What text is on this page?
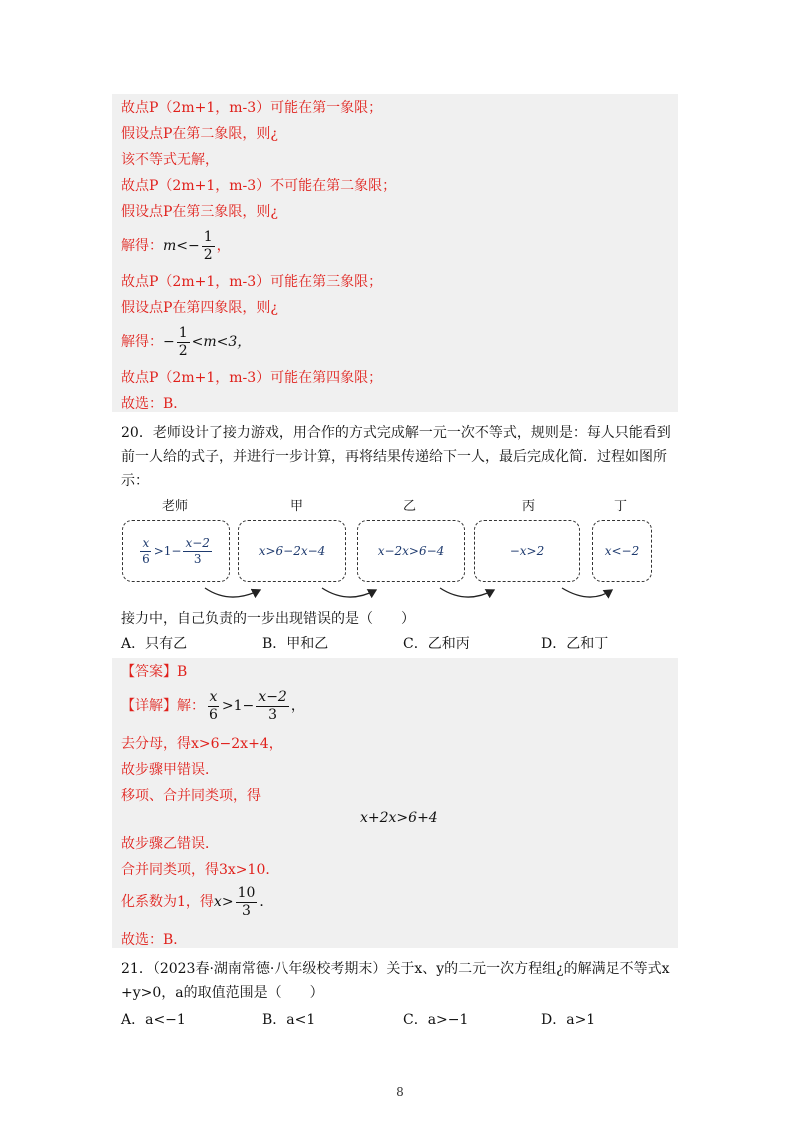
故点P（2m+1，m-3）可能在第一象限；
假设点P在第二象限，则¿
该不等式无解，
故点P（2m+1，m-3）不可能在第二象限；
假设点P在第三象限，则¿
解得：$m<- \frac{1}{2}$ ，
故点P（2m+1，m-3）可能在第三象限；
假设点P在第四象限，则¿
解得：− $\frac{1}{2} <m<3$，
故点P（2m+1，m-3）可能在第四象限；
故选：B．
20．老师设计了接力游戏，用合作的方式完成解一元一次不等式，规则是：每人只能看到
前一人给的式子，并进行一步计算，再将结果传递给下一人，最后完成化简．过程如图所
示：
老师	甲	乙	丙	丁
$\frac{x}{6} >1- \frac{x-2}{3}$	x>6−2x−4	x−2x>6−4	−x>2	x<−2
接力中，自己负责的一步出现错误的是（　　）
A．只有乙	B．甲和乙	C．乙和丙	D．乙和丁
【答案】B
【详解】解： $\frac{x}{6} >1- \frac{x-2}{3}$ ，
去分母，得x>6−2x+4，
故步骤甲错误．
移项、合并同类项，得
x+2x>6+4
故步骤乙错误．
合并同类项，得3x>10．
化系数为1，得$x> \frac{10}{3}$ ．
故选：B．
21．（2023春·湖南常德·八年级校考期末）关于x、y的二元一次方程组¿的解满足不等式x
+y>0，a的取值范围是（　　）
A．a<−1	B．a<1	C．a>−1	D．a>1
8
